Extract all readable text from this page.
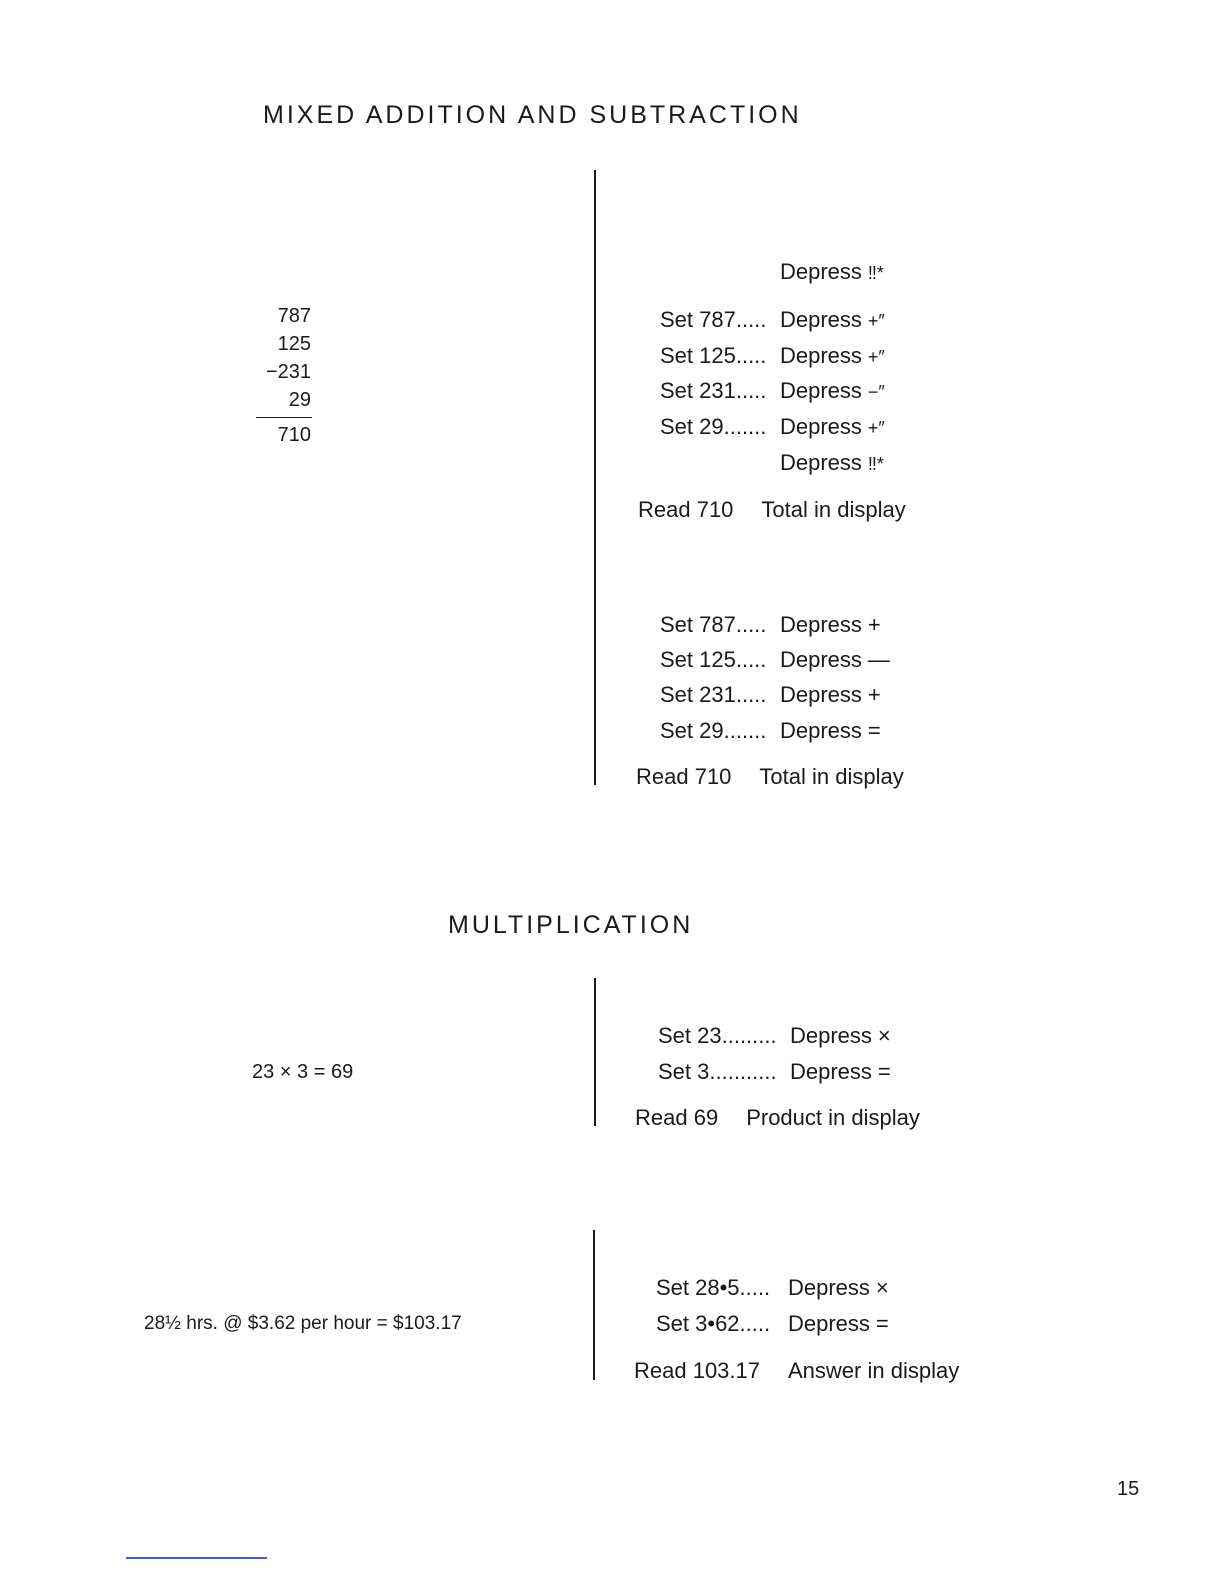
MIXED ADDITION AND SUBTRACTION
787
125
−231
29
710
Depress ‼*
Set 787..... Depress +″
Set 125..... Depress +″
Set 231..... Depress −″
Set 29....... Depress +″
Depress ‼*
Read 710 Total in display
Set 787..... Depress +
Set 125..... Depress —
Set 231..... Depress +
Set 29....... Depress =
Read 710 Total in display
MULTIPLICATION
23 × 3 = 69
Set 23......... Depress ×
Set 3........... Depress =
Read 69 Product in display
28½ hrs. @ $3.62 per hour = $103.17
Set 28•5..... Depress ×
Set 3•62..... Depress =
Read 103.17 Answer in display
15
